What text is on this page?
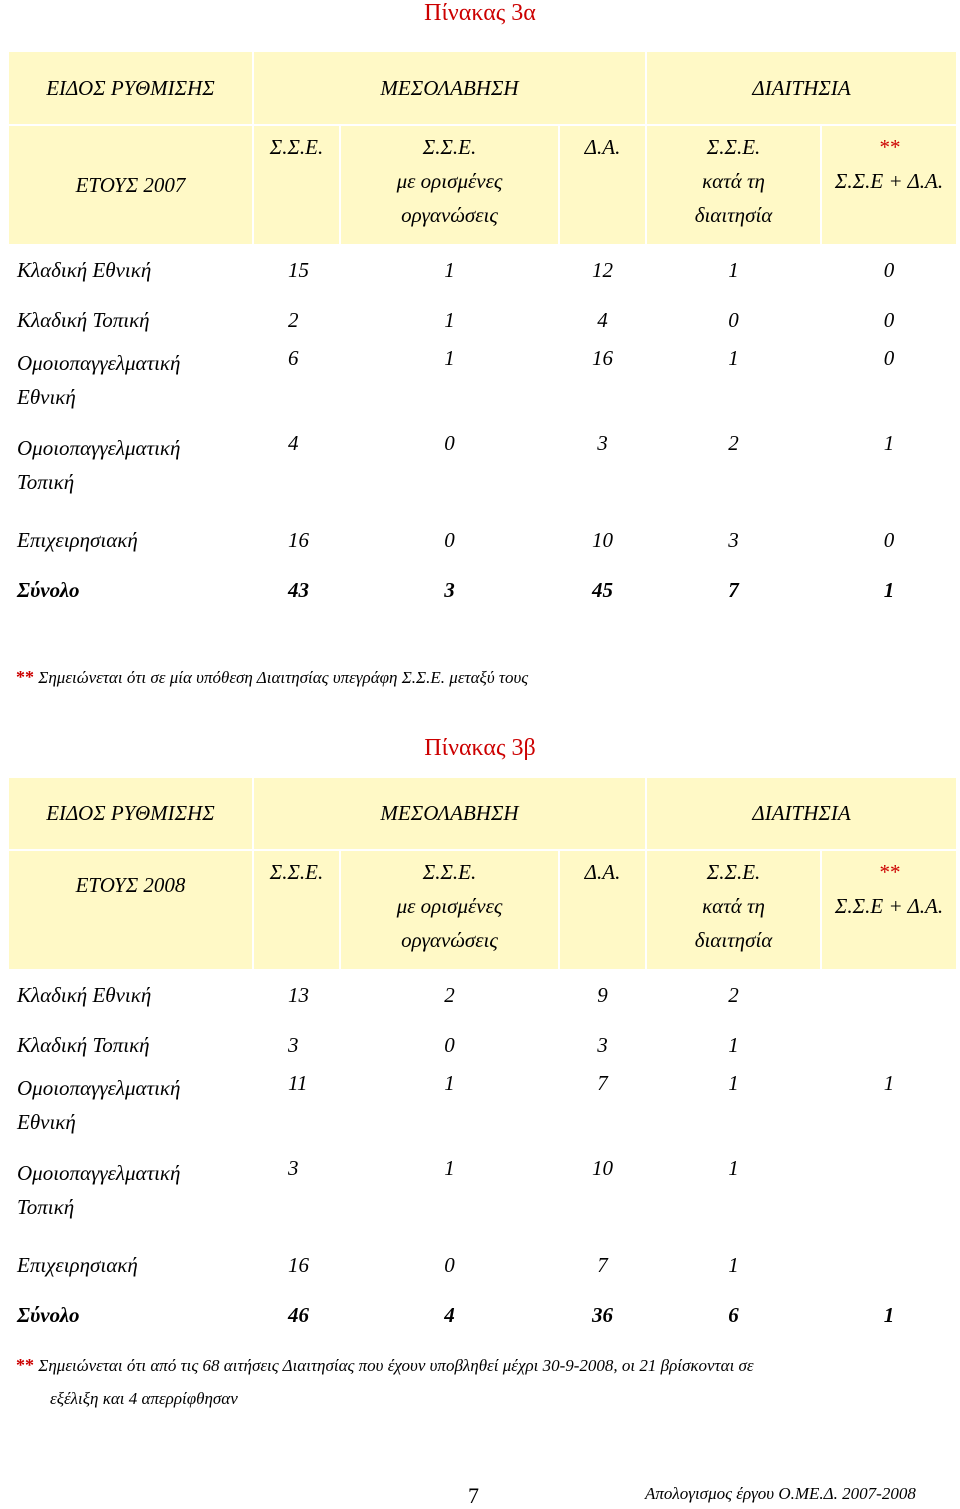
Πίνακας 3α
ΕΙΔΟΣ ΡΥΘΜΙΣΗΣ	ΜΕΣΟΛΑΒΗΣΗ			ΔΙΑΙΤΗΣΙΑ	
ΕΤΟΥΣ 2007	Σ.Σ.Ε.	Σ.Σ.Ε.
με ορισμένες
οργανώσεις	Δ.Α.	Σ.Σ.Ε.
κατά τη
διαιτησία	**
Σ.Σ.Ε + Δ.Α.

Κλαδική Εθνική	15	1	12	1	0

Κλαδική Τοπική	2	1	4	0	0

Ομοιοπαγγελματική
Εθνική	6	1	16	1	0

Ομοιοπαγγελματική
Τοπική	4	0	3	2	1

Επιχειρησιακή	16	0	10	3	0

Σύνολο	43	3	45	7	1
** Σημειώνεται ότι σε μία υπόθεση Διαιτησίας υπεγράφη Σ.Σ.Ε. μεταξύ τους
Πίνακας 3β
ΕΙΔΟΣ ΡΥΘΜΙΣΗΣ	ΜΕΣΟΛΑΒΗΣΗ			ΔΙΑΙΤΗΣΙΑ	
ΕΤΟΥΣ 2008	Σ.Σ.Ε.	Σ.Σ.Ε.
με ορισμένες
οργανώσεις	Δ.Α.	Σ.Σ.Ε.
κατά τη
διαιτησία	**
Σ.Σ.Ε + Δ.Α.

Κλαδική Εθνική	13	2	9	2	

Κλαδική Τοπική	3	0	3	1	

Ομοιοπαγγελματική
Εθνική	11	1	7	1	1

Ομοιοπαγγελματική
Τοπική	3	1	10	1	

Επιχειρησιακή	16	0	7	1	

Σύνολο	46	4	36	6	1
** Σημειώνεται ότι από τις 68 αιτήσεις Διαιτησίας που έχουν υποβληθεί μέχρι 30-9-2008, οι 21 βρίσκονται σε
εξέλιξη και 4 απερρίφθησαν
7	Απολογισμος έργου Ο.ΜΕ.Δ. 2007-2008
